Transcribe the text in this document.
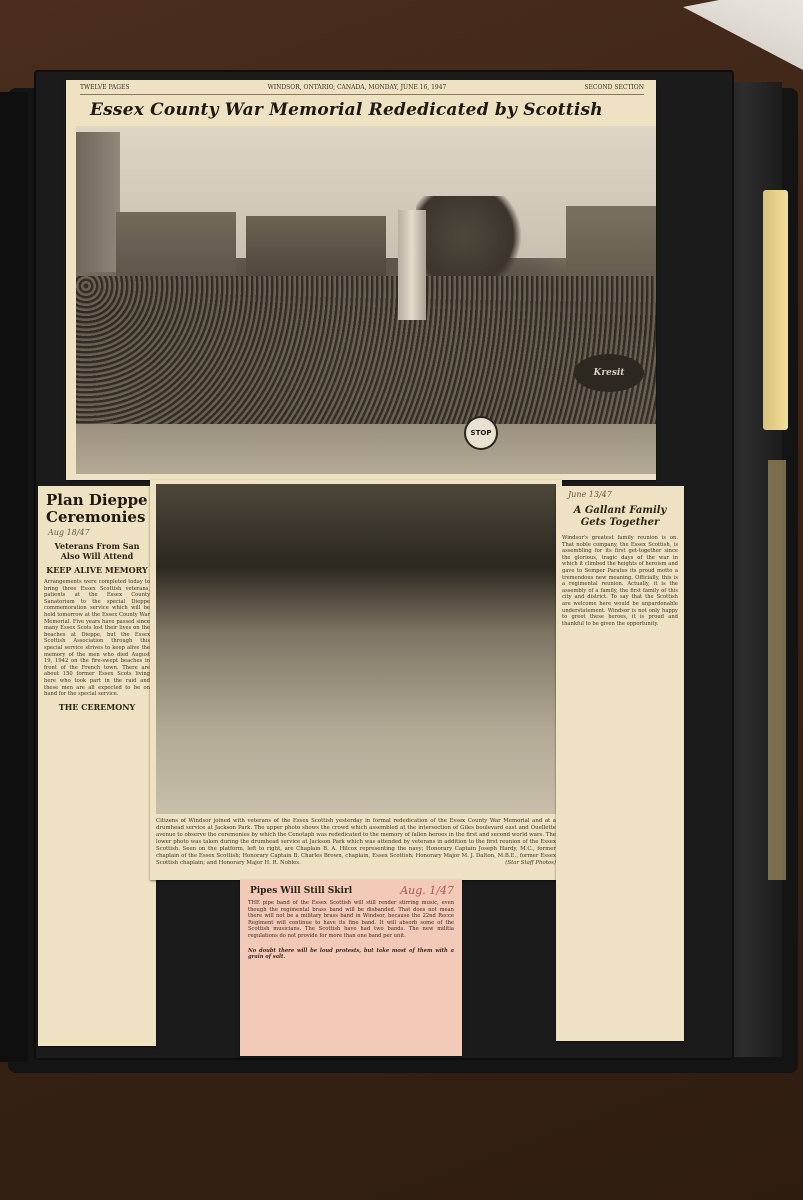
TWELVE PAGES	WINDSOR, ONTARIO, CANADA, MONDAY, JUNE 16, 1947	SECOND SECTION
Essex County War Memorial Rededicated by Scottish
STOP
Kresit
Plan Dieppe Ceremonies
Aug 18/47
Veterans From San Also Will Attend
KEEP ALIVE MEMORY
Arrangements were completed today to bring three Essex Scottish veterans, patients at the Essex County Sanatorium to the special Dieppe commemoration service which will be held tomorrow at the Essex County War Memorial. Five years have passed since many Essex Scots lost their lives on the beaches at Dieppe, but the Essex Scottish Association through this special service strives to keep alive the memory of the men who died August 19, 1942 on the fire-swept beaches in front of the French town. There are about 150 former Essex Scots living here who took part in the raid and these men are all expected to be on hand for the special service.
THE CEREMONY
Citizens of Windsor joined with veterans of the Essex Scottish yesterday in formal rededication of the Essex County War Memorial and at a drumhead service at Jackson Park. The upper photo shows the crowd which assembled at the intersection of Giles boulevard east and Ouellette avenue to observe the ceremonies by which the Cenotaph was rededicated to the memory of fallen heroes in the first and second world wars. The lower photo was taken during the drumhead service at Jackson Park which was attended by veterans in addition to the first reunion of the Essex Scottish. Seen on the platform, left to right, are Chaplain B. A. Hilcox representing the navy; Honorary Captain Joseph Hardy, M.C., former chaplain of the Essex Scottish; Honorary Captain B. Charles Brown, chaplain, Essex Scottish; Honorary Major M. J. Dalton, M.B.E., former Essex Scottish chaplain; and Honorary Major H. R. Nobles.	(Star Staff Photos)
June 13/47
A Gallant Family Gets Together
Windsor's greatest family reunion is on. That noble company, the Essex Scottish, is assembling for its first get-together since the glorious, tragic days of the war in which it climbed the heights of heroism and gave to Semper Paratus its proud motto a tremendous new meaning. Officially, this is a regimental reunion. Actually, it is the assembly of a family, the first family of this city and district. To say that the Scottish are welcome here would be unpardonable understatement. Windsor is not only happy to greet these heroes, it is proud and thankful to be given the opportunity.
Pipes Will Still Skirl	Aug. 1/47
THE pipe band of the Essex Scottish will still render stirring music, even though the regimental brass band will be disbanded. That does not mean there will not be a military brass band in Windsor, because the 22nd Recce Regiment will continue to have its fine band. It will absorb some of the Scottish musicians. The Scottish have had two bands. The new militia regulations do not provide for more than one band per unit.
No doubt there will be loud protests, but take most of them with a grain of salt.
